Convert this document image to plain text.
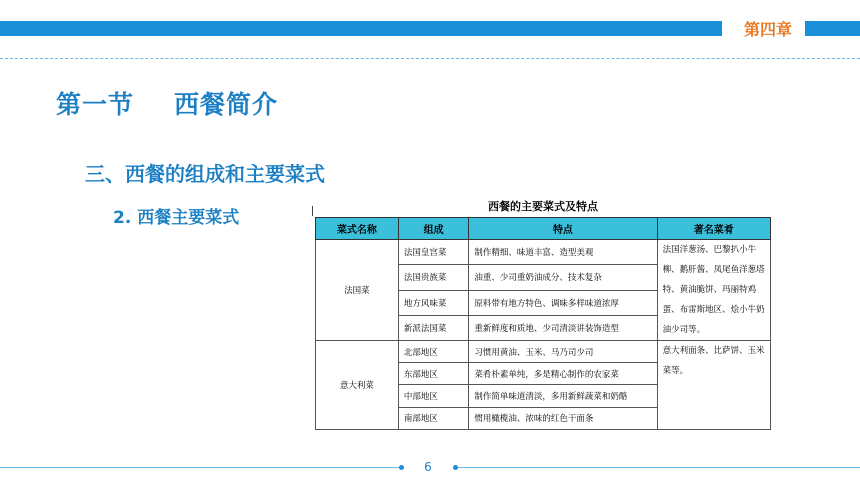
第四章
第一节 西餐简介
三、西餐的组成和主要菜式
2. 西餐主要菜式
西餐的主要菜式及特点
菜式名称	组成	特点	著名菜肴
法国菜	法国皇宫菜	制作精细、味道丰富、造型美观	法国洋葱汤、巴黎扒小牛柳、鹅肝酱、凤尾鱼洋葱塔特、黄油脆饼、玛丽特鸡蛋、布雷斯地区、烩小牛奶油少司等。
	法国贵族菜	油重、少司重奶油成分、技术复杂	
	地方风味菜	原料带有地方特色、调味多样味道浓厚	
	新派法国菜	重新鲜度和质地、少司清淡讲装饰造型	
意大利菜	北部地区	习惯用黄油、玉米、马乃司少司	意大利面条、比萨饼、玉米菜等。
	东部地区	菜肴朴素单纯，多是精心制作的农家菜	
	中部地区	制作简单味道清淡，多用新鲜蔬菜和奶酪	
	南部地区	惯用橄榄油、浓味的红色干面条	
6
